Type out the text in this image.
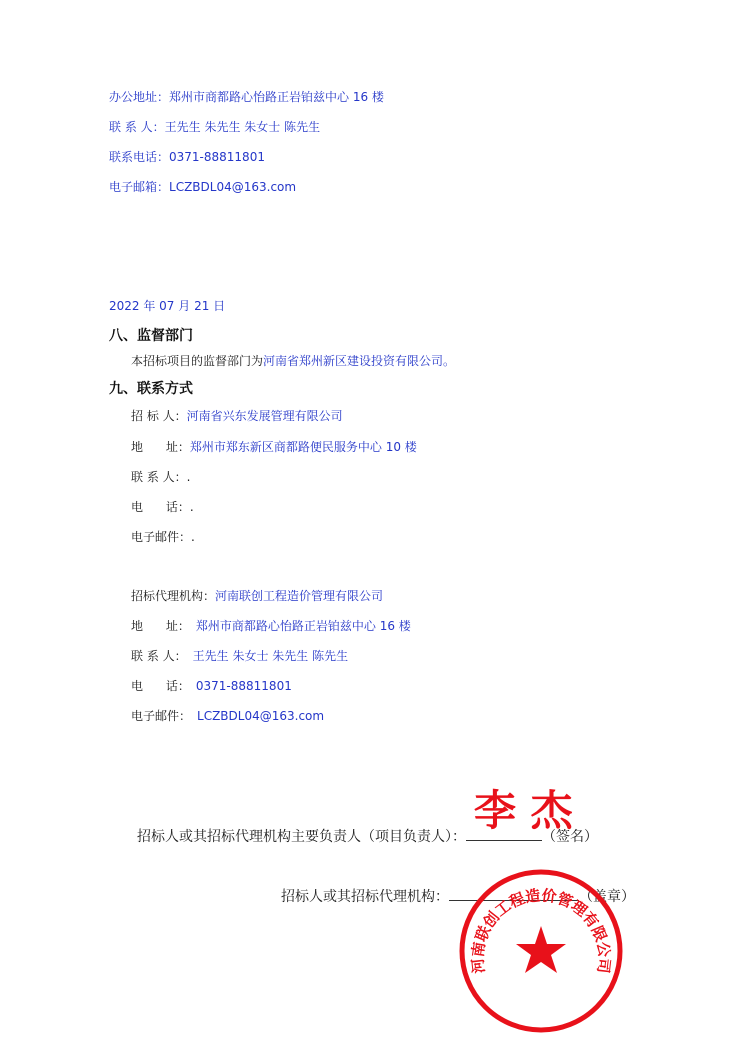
办公地址：郑州市商都路心怡路正岩铂兹中心 16 楼
联 系 人：王先生 朱先生 朱女士 陈先生
联系电话：0371-88811801
电子邮箱：LCZBDL04@163.com
2022 年 07 月 21 日
八、监督部门
本招标项目的监督部门为河南省郑州新区建设投资有限公司。
九、联系方式
招 标 人：河南省兴东发展管理有限公司
地      址：郑州市郑东新区商都路便民服务中心 10 楼
联 系 人：.
电      话：.
电子邮件：.
招标代理机构：河南联创工程造价管理有限公司
地      址： 郑州市商都路心怡路正岩铂兹中心 16 楼
联 系 人： 王先生 朱女士 朱先生 陈先生
电      话： 0371-88811801
电子邮件： LCZBDL04@163.com
招标人或其招标代理机构主要负责人（项目负责人）：	（签名）
李 杰
招标人或其招标代理机构：	（盖章）
河南联创工程造价管理有限公司
